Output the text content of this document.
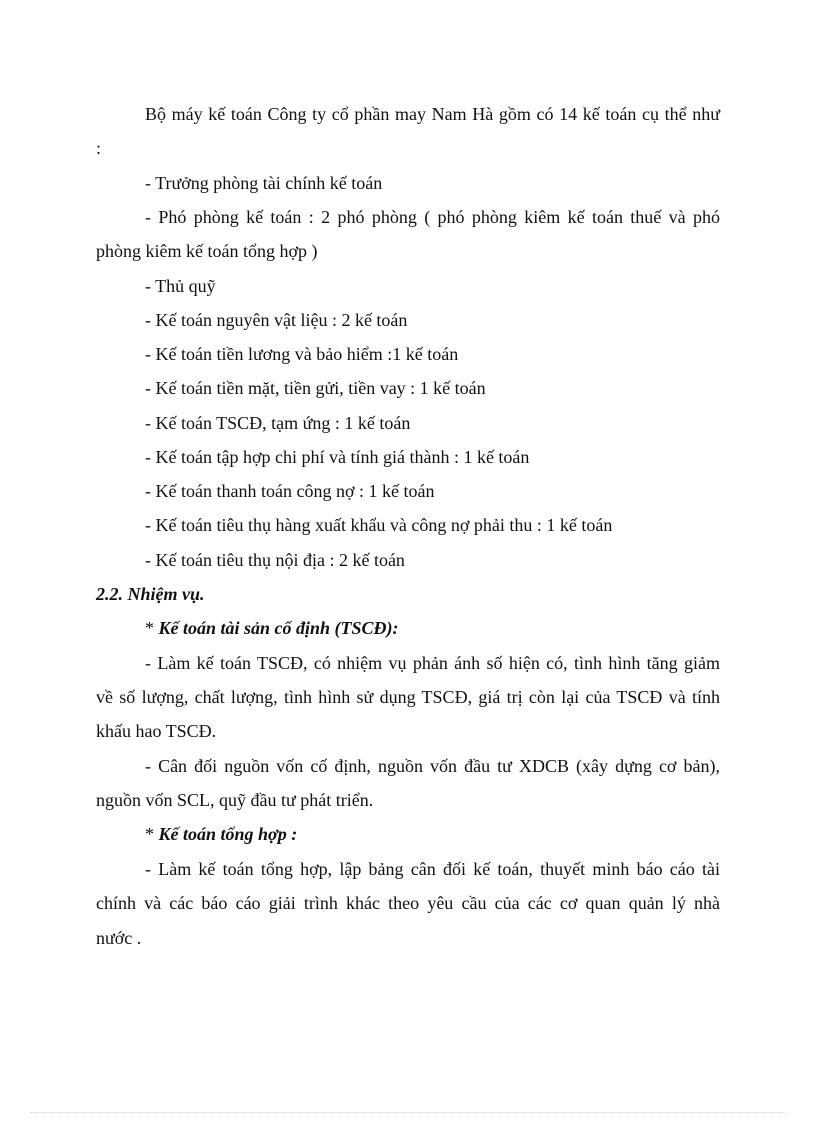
Bộ máy kế toán Công ty cổ phần may Nam Hà gồm có 14 kế toán cụ thể như

:

- Trưởng phòng tài chính kế toán

- Phó phòng kế toán : 2 phó phòng ( phó phòng kiêm kế toán thuế và phó

phòng kiêm kế toán tổng hợp )

- Thủ quỹ

- Kế toán nguyên vật liệu : 2 kế toán

- Kế toán tiền lương và bảo hiểm :1 kế toán

- Kế toán tiền mặt, tiền gửi, tiền vay : 1 kế toán

- Kế toán TSCĐ, tạm ứng : 1 kế toán

- Kế toán tập hợp chi phí và tính giá thành : 1 kế toán

- Kế toán thanh toán công nợ : 1 kế toán

- Kế toán tiêu thụ hàng xuất khẩu và công nợ phải thu : 1 kế toán

- Kế toán tiêu thụ nội địa : 2 kế toán

2.2. Nhiệm vụ.

* Kế toán tài sản cố định (TSCĐ):

- Làm kế toán TSCĐ, có nhiệm vụ phản ánh số hiện có, tình hình tăng giảm

về số lượng, chất lượng, tình hình sử dụng TSCĐ, giá trị còn lại của TSCĐ và tính

khấu hao TSCĐ.

- Cân đối nguồn vốn cố định, nguồn vốn đầu tư XDCB (xây dựng cơ bản),

nguồn vốn SCL, quỹ đầu tư phát triển.

* Kế toán tổng hợp :

- Làm kế toán tổng hợp, lập bảng cân đối kế toán, thuyết minh báo cáo tài

chính và các báo cáo giải trình khác theo yêu cầu của các cơ quan quản lý nhà

nước .
